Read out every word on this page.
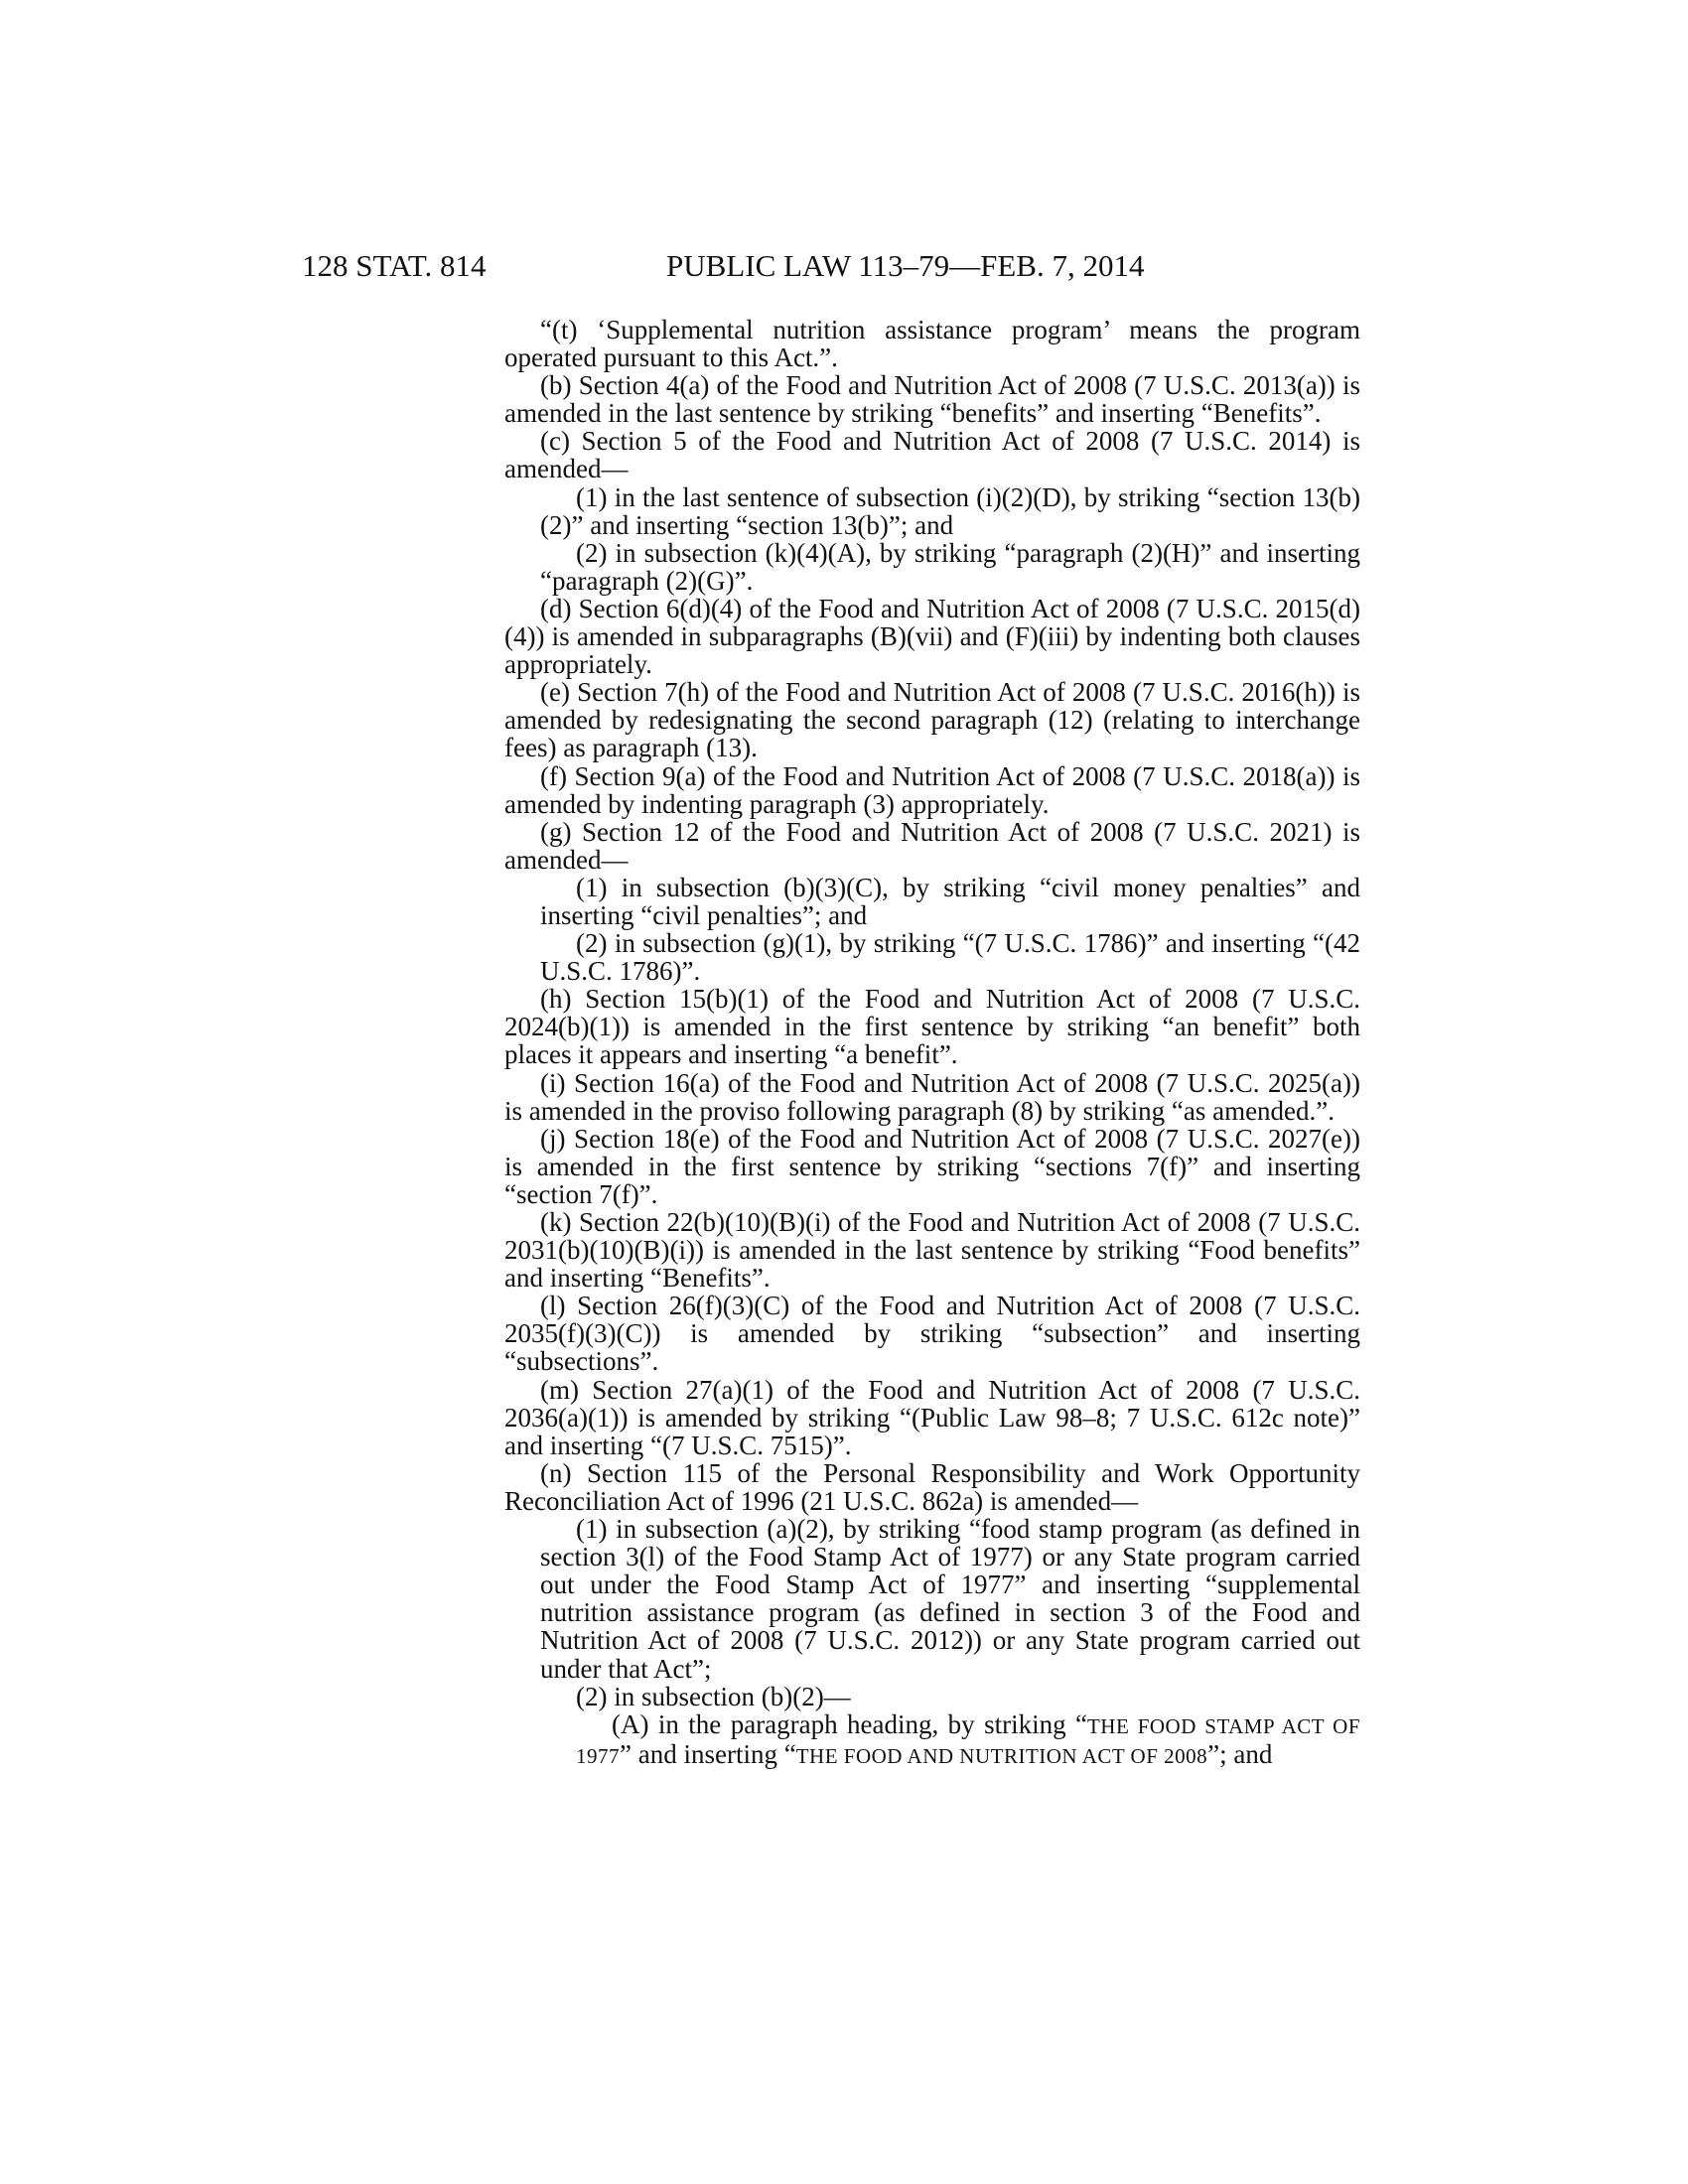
128 STAT. 814	PUBLIC LAW 113–79—FEB. 7, 2014

“(t) ‘Supplemental nutrition assistance program’ means the program operated pursuant to this Act.”.

(b) Section 4(a) of the Food and Nutrition Act of 2008 (7 U.S.C. 2013(a)) is amended in the last sentence by striking “benefits” and inserting “Benefits”.

(c) Section 5 of the Food and Nutrition Act of 2008 (7 U.S.C. 2014) is amended—

(1) in the last sentence of subsection (i)(2)(D), by striking “section 13(b)(2)” and inserting “section 13(b)”; and

(2) in subsection (k)(4)(A), by striking “paragraph (2)(H)” and inserting “paragraph (2)(G)”.

(d) Section 6(d)(4) of the Food and Nutrition Act of 2008 (7 U.S.C. 2015(d)(4)) is amended in subparagraphs (B)(vii) and (F)(iii) by indenting both clauses appropriately.

(e) Section 7(h) of the Food and Nutrition Act of 2008 (7 U.S.C. 2016(h)) is amended by redesignating the second paragraph (12) (relating to interchange fees) as paragraph (13).

(f) Section 9(a) of the Food and Nutrition Act of 2008 (7 U.S.C. 2018(a)) is amended by indenting paragraph (3) appropriately.

(g) Section 12 of the Food and Nutrition Act of 2008 (7 U.S.C. 2021) is amended—

(1) in subsection (b)(3)(C), by striking “civil money penalties” and inserting “civil penalties”; and

(2) in subsection (g)(1), by striking “(7 U.S.C. 1786)” and inserting “(42 U.S.C. 1786)”.

(h) Section 15(b)(1) of the Food and Nutrition Act of 2008 (7 U.S.C. 2024(b)(1)) is amended in the first sentence by striking “an benefit” both places it appears and inserting “a benefit”.

(i) Section 16(a) of the Food and Nutrition Act of 2008 (7 U.S.C. 2025(a)) is amended in the proviso following paragraph (8) by striking “as amended.”.

(j) Section 18(e) of the Food and Nutrition Act of 2008 (7 U.S.C. 2027(e)) is amended in the first sentence by striking “sections 7(f)” and inserting “section 7(f)”.

(k) Section 22(b)(10)(B)(i) of the Food and Nutrition Act of 2008 (7 U.S.C. 2031(b)(10)(B)(i)) is amended in the last sentence by striking “Food benefits” and inserting “Benefits”.

(l) Section 26(f)(3)(C) of the Food and Nutrition Act of 2008 (7 U.S.C. 2035(f)(3)(C)) is amended by striking “subsection” and inserting “subsections”.

(m) Section 27(a)(1) of the Food and Nutrition Act of 2008 (7 U.S.C. 2036(a)(1)) is amended by striking “(Public Law 98–8; 7 U.S.C. 612c note)” and inserting “(7 U.S.C. 7515)”.

(n) Section 115 of the Personal Responsibility and Work Opportunity Reconciliation Act of 1996 (21 U.S.C. 862a) is amended—

(1) in subsection (a)(2), by striking “food stamp program (as defined in section 3(l) of the Food Stamp Act of 1977) or any State program carried out under the Food Stamp Act of 1977” and inserting “supplemental nutrition assistance program (as defined in section 3 of the Food and Nutrition Act of 2008 (7 U.S.C. 2012)) or any State program carried out under that Act”;

(2) in subsection (b)(2)—

(A) in the paragraph heading, by striking “THE FOOD STAMP ACT OF 1977” and inserting “THE FOOD AND NUTRITION ACT OF 2008”; and
